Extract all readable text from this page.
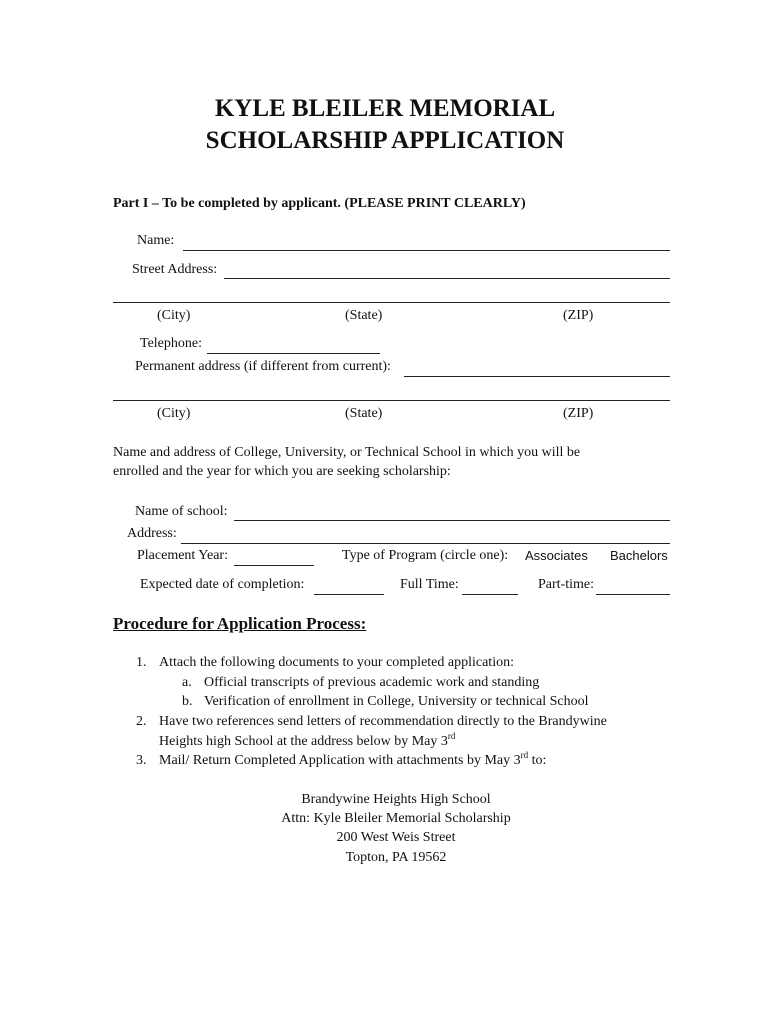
KYLE BLEILER MEMORIAL
SCHOLARSHIP APPLICATION
Part I – To be completed by applicant. (PLEASE PRINT CLEARLY)
Name:
Street Address:
(City)	(State)	(ZIP)
Telephone:
Permanent address (if different from current):
(City)	(State)	(ZIP)
Name and address of College, University, or Technical School in which you will be
enrolled and the year for which you are seeking scholarship:
Name of school:
Address:
Placement Year:	Type of Program (circle one): Associates Bachelors
Expected date of completion:	Full Time:	Part-time:
Procedure for Application Process:
1. Attach the following documents to your completed application:
a. Official transcripts of previous academic work and standing
b. Verification of enrollment in College, University or technical School
2. Have two references send letters of recommendation directly to the Brandywine
Heights high School at the address below by May 3rd
3. Mail/ Return Completed Application with attachments by May 3rd to:
Brandywine Heights High School
Attn: Kyle Bleiler Memorial Scholarship
200 West Weis Street
Topton, PA 19562
